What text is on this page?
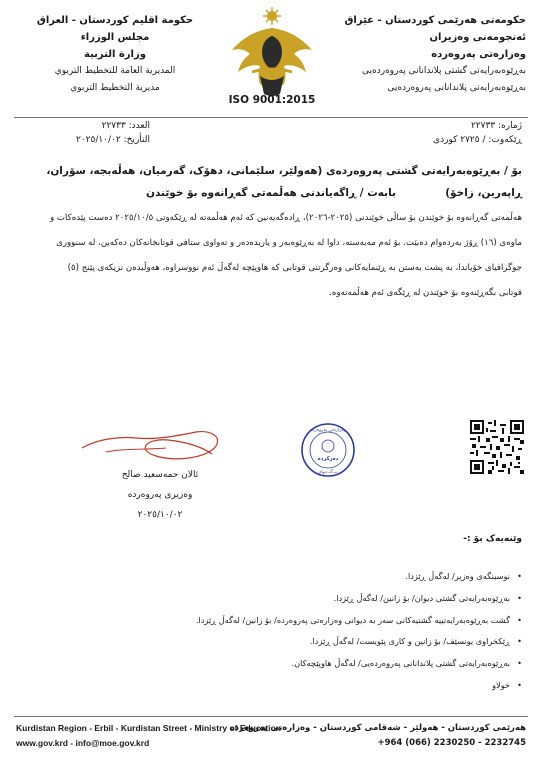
حکومەتی هەرێمی کوردستان - عێراق
ئەنجومەنی وەزیران
وەزارەتی پەروەردە
بەڕێوەبەرایەتی گشتی پلاندانانی پەروەردەیی
بەڕێوەبەرایەتی پلاندانانی پەروەردەیی
حكومة اقليم كوردستان - العراق
مجلس الوزراء
وزارة التربية
المديرية العامة للتخطيط التربوي
مديرية التخطيط التربوي
ISO 9001:2015
ژمارە: ٢٢٧٣٣
ڕێکەوت: / ٢٧٢٥ کوردی
العدد: ٢٢٧٣٣
التأريخ: ٢٠٢٥/١٠/٠٢
بۆ / بەڕێوەبەرایەتی گشتی پەروەردەی (هەولێر، سلێمانی، دهۆک، گەرمیان، هەڵەبجە، سۆران، ڕاپەرین، زاخۆ)
بابەت / ڕاگەیاندنی هەڵمەتی گەڕانەوە بۆ خوێندن
هەڵمەتی گەڕانەوە بۆ خوێندن بۆ ساڵی خوێندنی (٢٠٢٥-٢٠٢٦)، ڕادەگەیەنین کە ئەم هەڵمەتە لە ڕێکەوتی ٢٠٢٥/١٠/٥ دەست پێدەکات و
ماوەی (١٦) ڕۆژ بەردەوام دەبێت. بۆ ئەم مەبەستە، داوا لە بەڕێوەبەر و یاریدەدەر و تەواوی ستافی قوتابخانەکان دەکەین، لە سنووری
جوگرافیای خۆیاندا، بە پشت بەستن بە ڕێنمایەکانی وەرگرتنی قوتابی کە هاوپێچە لەگەڵ ئەم نووسراوە، هەوڵبدەن نزیکەی پێنج (٥)
قوتابی بگەڕێنەوە بۆ خوێندن لە ڕێگەی ئەم هەڵمەتەوە.
ئالان حمەسعید صالح
وەزیری پەروەردە
٢٠٢٥/١٠/٠٢
وەزارەتی پەروەردە
دەرکردە
ب.گ.دیوان
وێنەیەک بۆ :-
• نوسینگەی وەزیر/ لەگەڵ ڕێزدا.
• بەڕێوەبەرایەتی گشتی دیوان/ بۆ زانین/ لەگەڵ ڕێزدا.
• گشت بەڕێوەبەرایەتییە گشتیەکانی سەر بە دیوانی وەزارەتی پەروەردە/ بۆ زانین/ لەگەڵ ڕێزدا.
• ڕێکخراوی یونسێف/ بۆ زانین و کاری پێویست/ لەگەڵ ڕێزدا.
• بەڕێوەبەرایەتی گشتی پلاندانانی پەروەردەیی/ لەگەڵ هاوپێچەکان.
• خولاو
Kurdistan Region - Erbil - Kurdistan Street - Ministry of Education
www.gov.krd - info@moe.gov.krd
هەرێمی کوردستان - هەولێر - شەقامی کوردستان - وەزارەتی پەروەردە
+964 (066) 2230250 - 2232745
